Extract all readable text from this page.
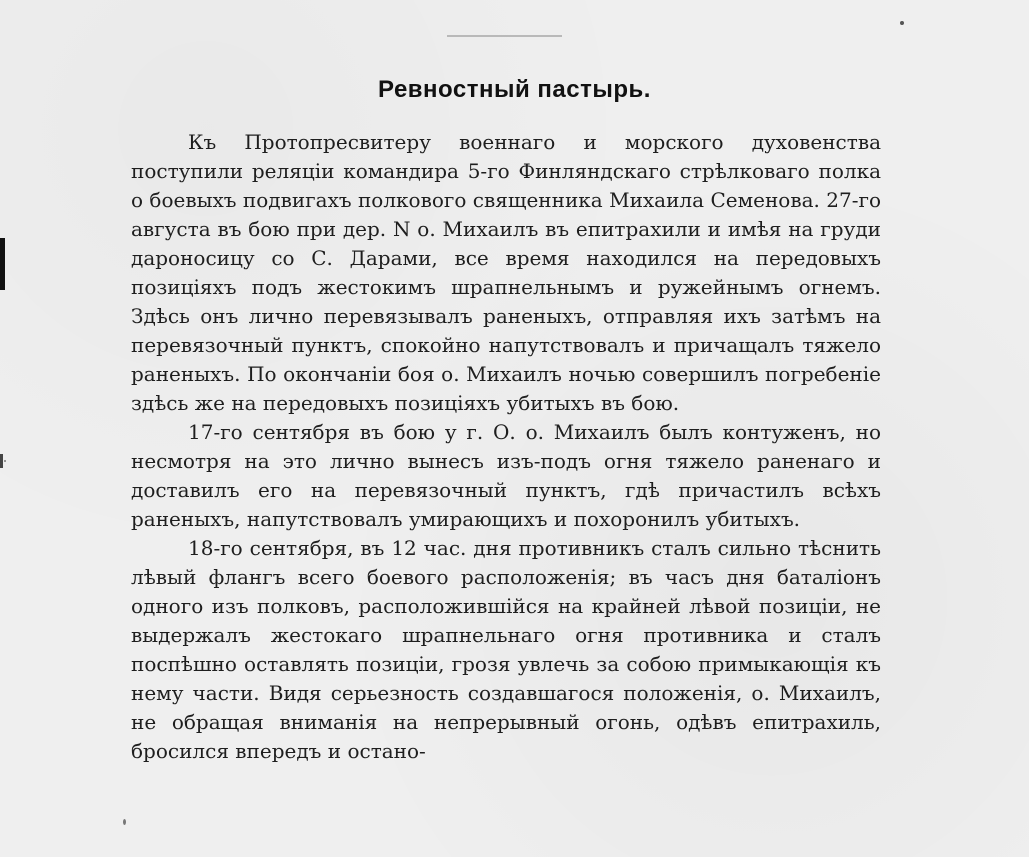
Ревностный пастырь.

Къ Протопресвитеру военнаго и морского духовенства поступили реляціи командира 5-го Финляндскаго стрѣлковаго полка о боевыхъ подвигахъ полкового священника Михаила Семенова. 27-го августа въ бою при дер. N о. Михаилъ въ епитрахили и имѣя на груди дароносицу со С. Дарами, все время находился на передовыхъ позиціяхъ подъ жестокимъ шрапнельнымъ и ружейнымъ огнемъ. Здѣсь онъ лично перевязывалъ раненыхъ, отправляя ихъ затѣмъ на перевязочный пунктъ, спокойно напутствовалъ и причащалъ тяжело раненыхъ. По окончаніи боя о. Михаилъ ночью совершилъ погребеніе здѣсь же на передовыхъ позиціяхъ убитыхъ въ бою.

17-го сентября въ бою у г. О. о. Михаилъ былъ контуженъ, но несмотря на это лично вынесъ изъ-подъ огня тяжело раненаго и доставилъ его на перевязочный пунктъ, гдѣ причастилъ всѣхъ раненыхъ, напутствовалъ умирающихъ и похоронилъ убитыхъ.

18-го сентября, въ 12 час. дня противникъ сталъ сильно тѣснить лѣвый флангъ всего боевого расположенія; въ часъ дня баталіонъ одного изъ полковъ, расположившійся на крайней лѣвой позиціи, не выдержалъ жестокаго шрапнельнаго огня противника и сталъ поспѣшно оставлять позиціи, грозя увлечь за собою примыкающія къ нему части. Видя серьезность создавшагося положенія, о. Михаилъ, не обращая вниманія на непрерывный огонь, одѣвъ епитрахиль, бросился впередъ и остано-
